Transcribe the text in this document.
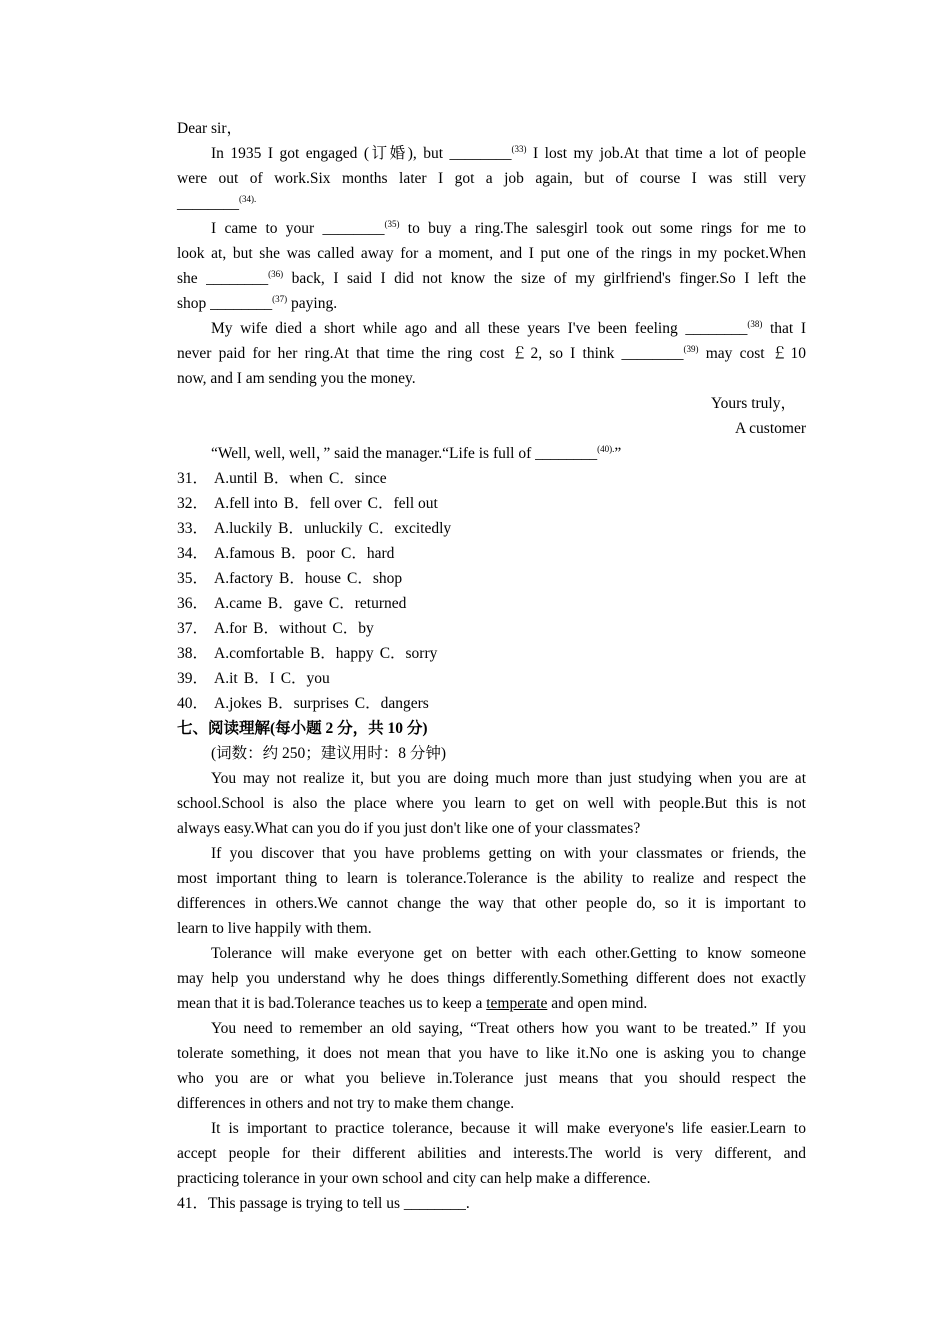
Dear sir，
In 1935 I got engaged (订婚), but ________$^{(33)}$ I lost my job.At that time a lot of people
were out of work.Six months later I got a job again, but of course I was still very
________$^{(34).}$
I came to your ________$^{(35)}$ to buy a ring.The salesgirl took out some rings for me to
look at, but she was called away for a moment, and I put one of the rings in my pocket.When
she ________$^{(36)}$ back, I said I did not know the size of my girlfriend's finger.So I left the
shop ________$^{(37)}$ paying.
My wife died a short while ago and all these years I've been feeling ________$^{(38)}$ that I
never paid for her ring.At that time the ring cost ￡2, so I think ________$^{(39)}$ may cost ￡10
now, and I am sending you the money.
Yours truly，
A customer
“Well, well, well，” said the manager.“Life is full of ________$^{(40).}$”
31． A.until B．when C．since
32． A.fell into B．fell over C．fell out
33． A.luckily B．unluckily C．excitedly
34． A.famous B．poor C．hard
35． A.factory B．house C．shop
36． A.came B．gave C．returned
37． A.for B．without C．by
38． A.comfortable B．happy C．sorry
39． A.it B．I C．you
40． A.jokes B．surprises C．dangers
七、阅读理解(每小题 2 分，共 10 分)
(词数：约 250；建议用时：8 分钟)
You may not realize it, but you are doing much more than just studying when you are at
school.School is also the place where you learn to get on well with people.But this is not
always easy.What can you do if you just don't like one of your classmates?
If you discover that you have problems getting on with your classmates or friends, the
most important thing to learn is tolerance.Tolerance is the ability to realize and respect the
differences in others.We cannot change the way that other people do, so it is important to
learn to live happily with them.
Tolerance will make everyone get on better with each other.Getting to know someone
may help you understand why he does things differently.Something different does not exactly
mean that it is bad.Tolerance teaches us to keep a temperate and open mind.
You need to remember an old saying, “Treat others how you want to be treated.” If you
tolerate something, it does not mean that you have to like it.No one is asking you to change
who you are or what you believe in.Tolerance just means that you should respect the
differences in others and not try to make them change.
It is important to practice tolerance, because it will make everyone's life easier.Learn to
accept people for their different abilities and interests.The world is very different, and
practicing tolerance in your own school and city can help make a difference.
41．This passage is trying to tell us ________.
